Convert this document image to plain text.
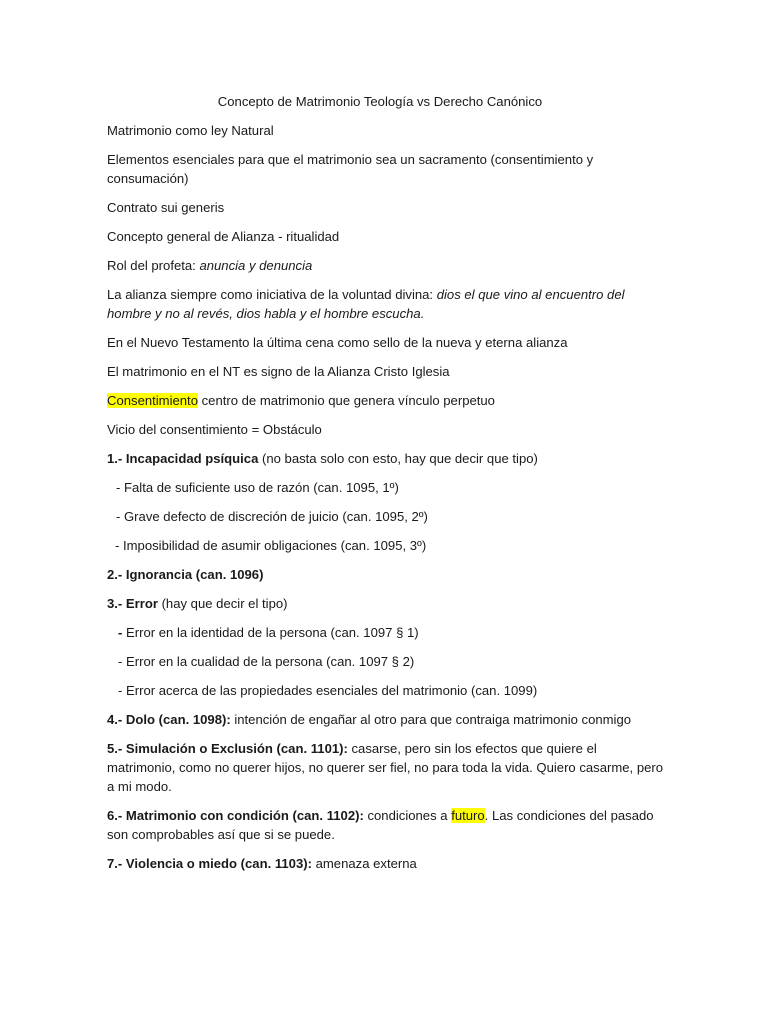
Concepto de Matrimonio Teología vs Derecho Canónico

Matrimonio como ley Natural

Elementos esenciales para que el matrimonio sea un sacramento (consentimiento y consumación)

Contrato sui generis

Concepto general de Alianza - ritualidad

Rol del profeta: anuncia y denuncia

La alianza siempre como iniciativa de la voluntad divina: dios el que vino al encuentro del hombre y no al revés, dios habla y el hombre escucha.

En el Nuevo Testamento la última cena como sello de la nueva y eterna alianza

El matrimonio en el NT es signo de la Alianza Cristo Iglesia

Consentimiento centro de matrimonio que genera vínculo perpetuo

Vicio del consentimiento = Obstáculo

1.- Incapacidad psíquica (no basta solo con esto, hay que decir que tipo)

- Falta de suficiente uso de razón (can. 1095, 1º)

- Grave defecto de discreción de juicio (can. 1095, 2º)

- Imposibilidad de asumir obligaciones (can. 1095, 3º)

2.- Ignorancia (can. 1096)

3.- Error (hay que decir el tipo)

- Error en la identidad de la persona (can. 1097 § 1)

- Error en la cualidad de la persona (can. 1097 § 2)

- Error acerca de las propiedades esenciales del matrimonio (can. 1099)

4.- Dolo (can. 1098): intención de engañar al otro para que contraiga matrimonio conmigo

5.- Simulación o Exclusión (can. 1101): casarse, pero sin los efectos que quiere el matrimonio, como no querer hijos, no querer ser fiel, no para toda la vida. Quiero casarme, pero a mi modo.

6.- Matrimonio con condición (can. 1102): condiciones a futuro. Las condiciones del pasado son comprobables así que si se puede.

7.- Violencia o miedo (can. 1103): amenaza externa
